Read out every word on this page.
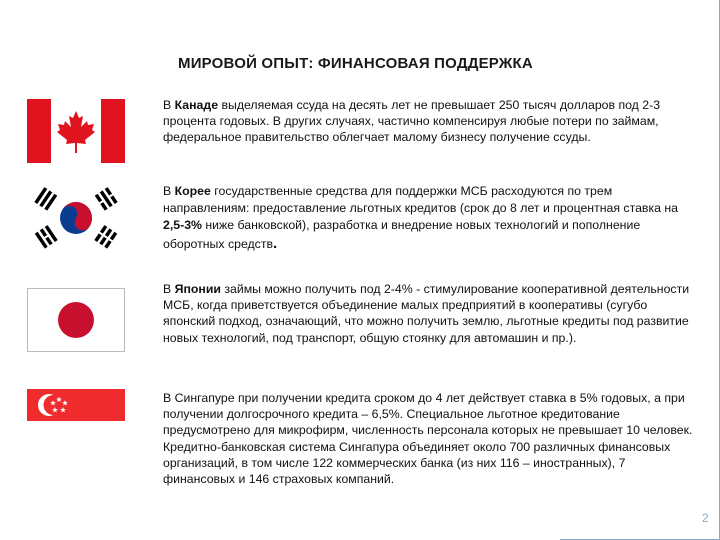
МИРОВОЙ ОПЫТ: ФИНАНСОВАЯ ПОДДЕРЖКА
В Канаде выделяемая ссуда на десять лет не превышает 250 тысяч долларов под 2-3 процента годовых. В других случаях, частично компенсируя любые потери по займам, федеральное правительство облегчает малому бизнесу получение ссуды.
В Корее государственные средства для поддержки МСБ расходуются по трем направлениям: предоставление льготных кредитов (срок до 8 лет и процентная ставка на 2,5-3% ниже банковской), разработка и внедрение новых технологий и пополнение оборотных средств.
В Японии займы можно получить под 2-4% - стимулирование кооперативной деятельности МСБ, когда приветствуется объединение малых предприятий в кооперативы (сугубо японский подход, означающий, что можно получить землю, льготные кредиты под развитие новых технологий, под транспорт, общую стоянку для автомашин и пр.).
В Сингапуре при получении кредита сроком до 4 лет действует ставка в 5% годовых, а при получении долгосрочного кредита – 6,5%. Специальное льготное кредитование предусмотрено для микрофирм, численность персонала которых не превышает 10 человек. Кредитно-банковская система Сингапура объединяет около 700 различных финансовых организаций, в том числе 122 коммерческих банка (из них 116 – иностранных), 7 финансовых и 146 страховых компаний.
2
